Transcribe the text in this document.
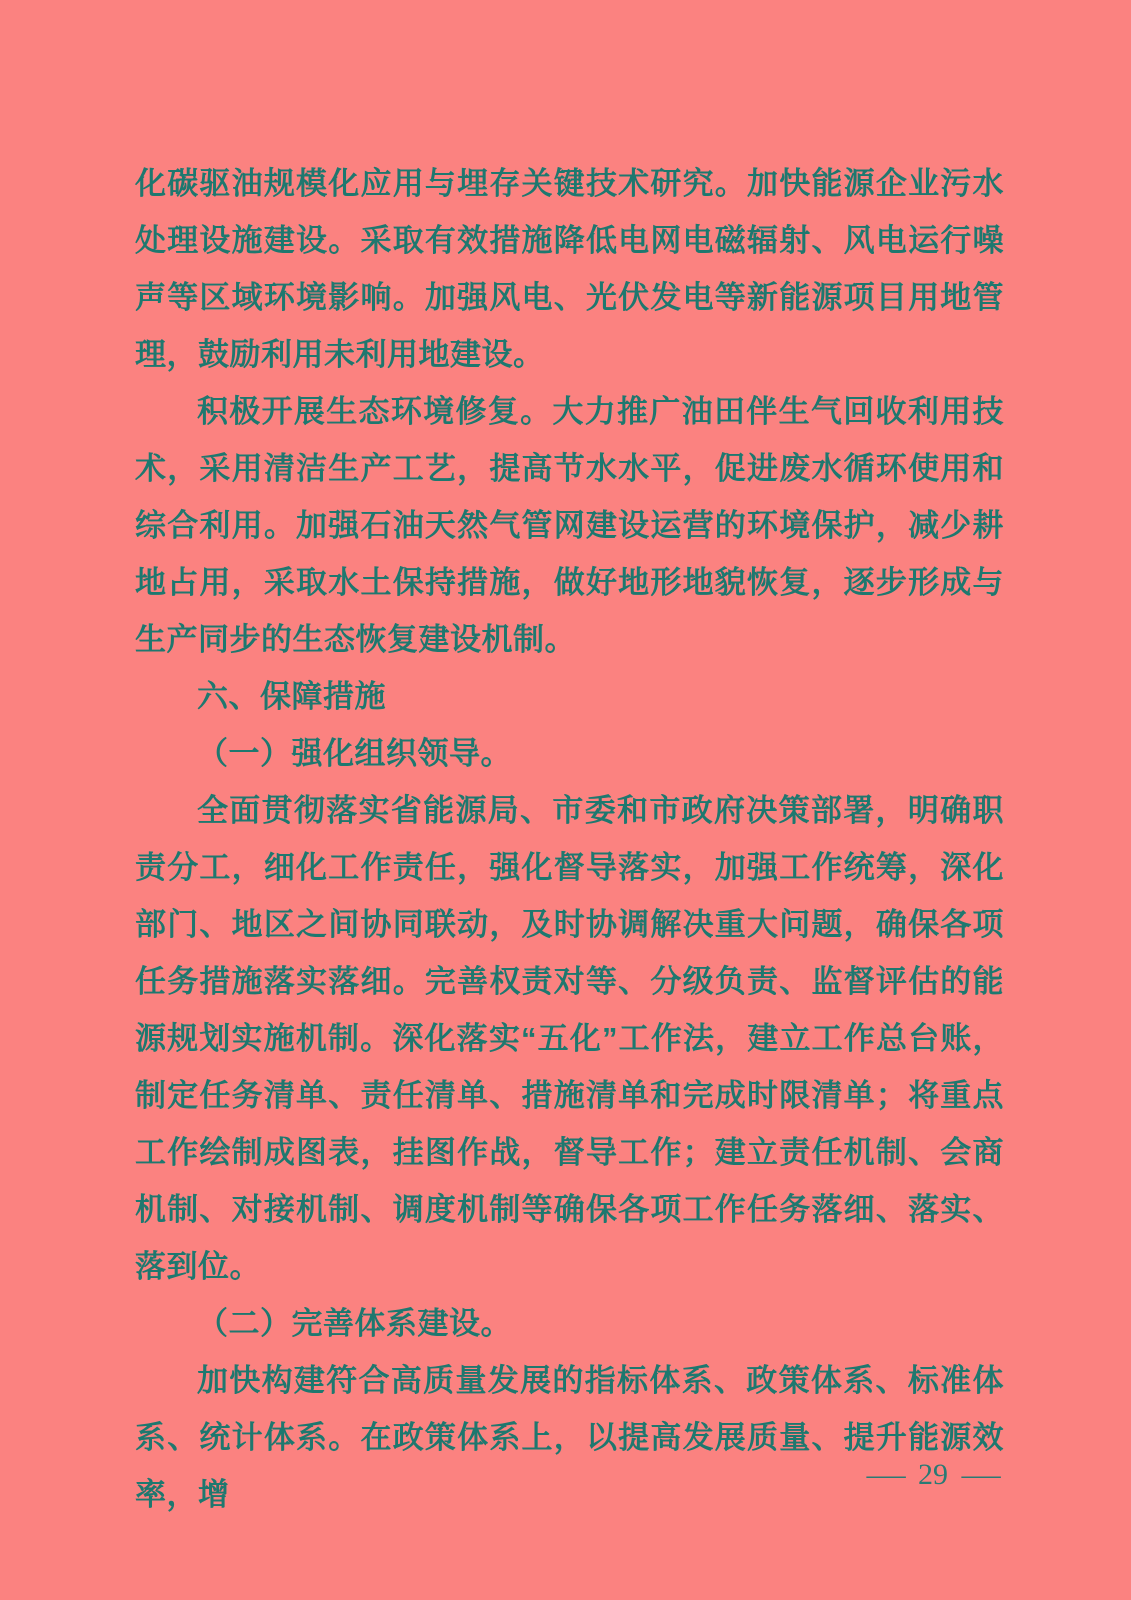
化碳驱油规模化应用与埋存关键技术研究。加快能源企业污水处理设施建设。采取有效措施降低电网电磁辐射、风电运行噪声等区域环境影响。加强风电、光伏发电等新能源项目用地管理，鼓励利用未利用地建设。

积极开展生态环境修复。大力推广油田伴生气回收利用技术，采用清洁生产工艺，提高节水水平，促进废水循环使用和综合利用。加强石油天然气管网建设运营的环境保护，减少耕地占用，采取水土保持措施，做好地形地貌恢复，逐步形成与生产同步的生态恢复建设机制。

六、保障措施

（一）强化组织领导。

全面贯彻落实省能源局、市委和市政府决策部署，明确职责分工，细化工作责任，强化督导落实，加强工作统筹，深化部门、地区之间协同联动，及时协调解决重大问题，确保各项任务措施落实落细。完善权责对等、分级负责、监督评估的能源规划实施机制。深化落实“五化”工作法，建立工作总台账，制定任务清单、责任清单、措施清单和完成时限清单；将重点工作绘制成图表，挂图作战，督导工作；建立责任机制、会商机制、对接机制、调度机制等确保各项工作任务落细、落实、落到位。

（二）完善体系建设。

加快构建符合高质量发展的指标体系、政策体系、标准体系、统计体系。在政策体系上，以提高发展质量、提升能源效率，增

— 29 —
